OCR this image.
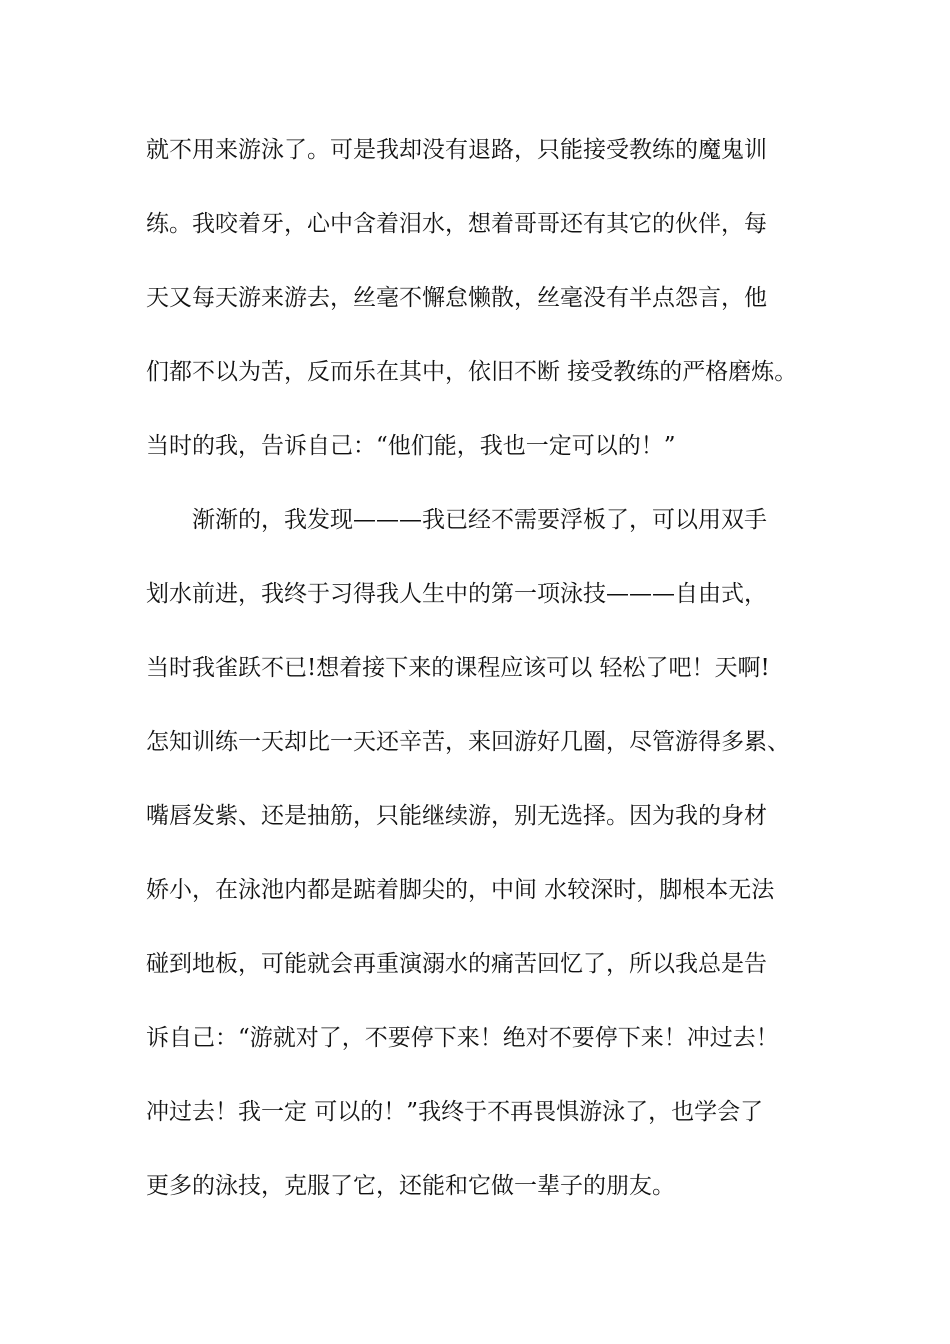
就不用来游泳了。可是我却没有退路，只能接受教练的魔鬼训
练。我咬着牙，心中含着泪水，想着哥哥还有其它的伙伴，每
天又每天游来游去，丝毫不懈怠懒散，丝毫没有半点怨言，他
们都不以为苦，反而乐在其中，依旧不断 接受教练的严格磨炼。
当时的我，告诉自己：“他们能，我也一定可以的！”
渐渐的，我发现———我已经不需要浮板了，可以用双手
划水前进，我终于习得我人生中的第一项泳技———自由式，
当时我雀跃不已!想着接下来的课程应该可以 轻松了吧！天啊!
怎知训练一天却比一天还辛苦，来回游好几圈，尽管游得多累、
嘴唇发紫、还是抽筋，只能继续游，别无选择。因为我的身材
娇小，在泳池内都是踮着脚尖的，中间 水较深时，脚根本无法
碰到地板，可能就会再重演溺水的痛苦回忆了，所以我总是告
诉自己：“游就对了，不要停下来！绝对不要停下来！冲过去！
冲过去！我一定 可以的！”我终于不再畏惧游泳了，也学会了
更多的泳技，克服了它，还能和它做一辈子的朋友。
